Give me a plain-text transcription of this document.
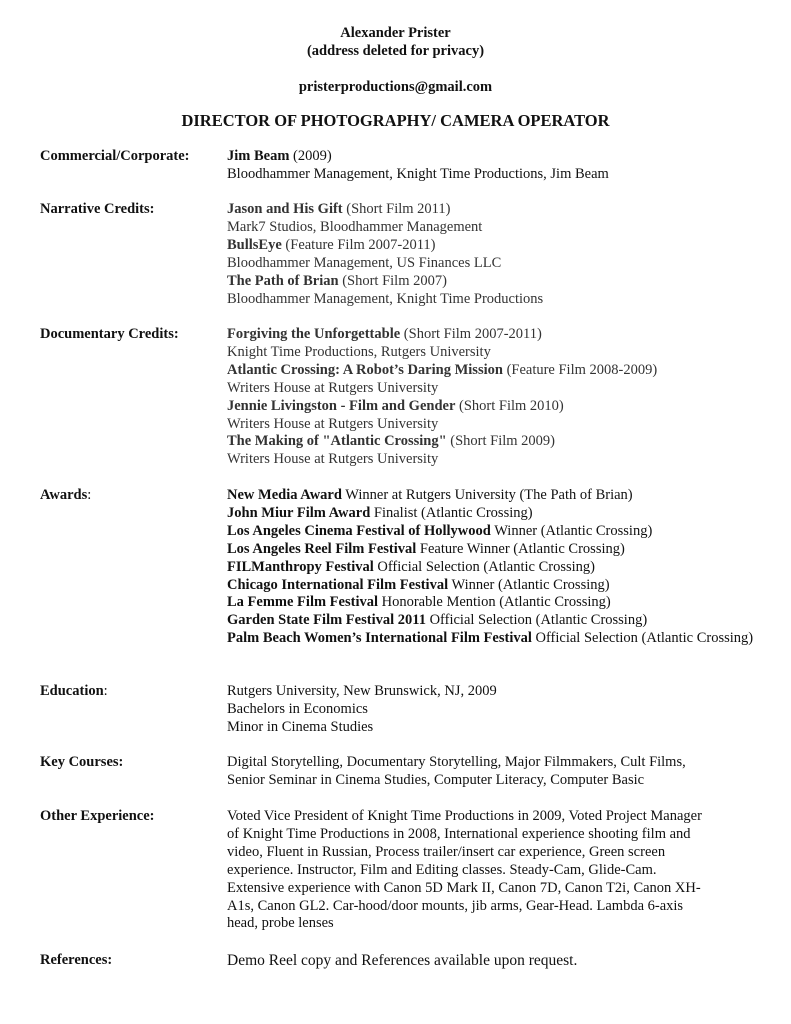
Alexander Prister
(address deleted for privacy)
pristerproductions@gmail.com
DIRECTOR OF PHOTOGRAPHY/ CAMERA OPERATOR
Commercial/Corporate:	Jim Beam (2009)
Bloodhammer Management, Knight Time Productions, Jim Beam
Narrative Credits:	Jason and His Gift (Short Film 2011)
Mark7 Studios, Bloodhammer Management
BullsEye (Feature Film 2007-2011)
Bloodhammer Management, US Finances LLC
The Path of Brian (Short Film 2007)
Bloodhammer Management, Knight Time Productions
Documentary Credits:	Forgiving the Unforgettable (Short Film 2007-2011)
Knight Time Productions, Rutgers University
Atlantic Crossing: A Robot’s Daring Mission (Feature Film 2008-2009)
Writers House at Rutgers University
Jennie Livingston - Film and Gender (Short Film 2010)
Writers House at Rutgers University
The Making of "Atlantic Crossing" (Short Film 2009)
Writers House at Rutgers University
Awards:	New Media Award Winner at Rutgers University (The Path of Brian)
John Miur Film Award Finalist (Atlantic Crossing)
Los Angeles Cinema Festival of Hollywood Winner (Atlantic Crossing)
Los Angeles Reel Film Festival Feature Winner (Atlantic Crossing)
FILManthropy Festival Official Selection (Atlantic Crossing)
Chicago International Film Festival Winner (Atlantic Crossing)
La Femme Film Festival Honorable Mention (Atlantic Crossing)
Garden State Film Festival 2011 Official Selection (Atlantic Crossing)
Palm Beach Women’s International Film Festival Official Selection (Atlantic Crossing)
Education:	Rutgers University, New Brunswick, NJ, 2009
Bachelors in Economics
Minor in Cinema Studies
Key Courses:	Digital Storytelling, Documentary Storytelling, Major Filmmakers, Cult Films,
Senior Seminar in Cinema Studies, Computer Literacy, Computer Basic
Other Experience:	Voted Vice President of Knight Time Productions in 2009, Voted Project Manager
of Knight Time Productions in 2008, International experience shooting film and
video, Fluent in Russian, Process trailer/insert car experience, Green screen
experience. Instructor, Film and Editing classes. Steady-Cam, Glide-Cam.
Extensive experience with Canon 5D Mark II, Canon 7D, Canon T2i, Canon XH-
A1s, Canon GL2. Car-hood/door mounts, jib arms, Gear-Head. Lambda 6-axis
head, probe lenses
References:	Demo Reel copy and References available upon request.
